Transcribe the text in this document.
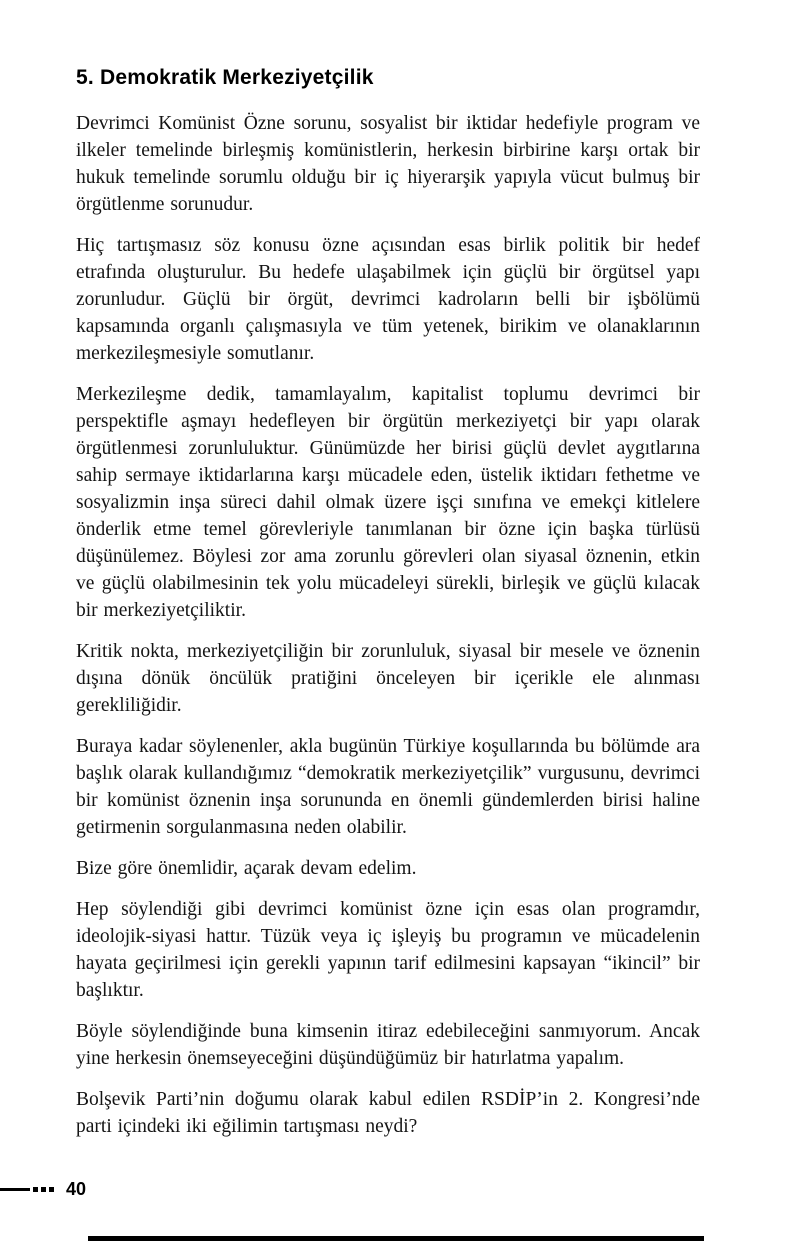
5. Demokratik Merkeziyetçilik

Devrimci Komünist Özne sorunu, sosyalist bir iktidar hedefiyle program ve ilkeler temelinde birleşmiş komünistlerin, herkesin birbirine karşı ortak bir hukuk temelinde sorumlu olduğu bir iç hiyerarşik yapıyla vücut bulmuş bir örgütlenme sorunudur.

Hiç tartışmasız söz konusu özne açısından esas birlik politik bir hedef etrafında oluşturulur. Bu hedefe ulaşabilmek için güçlü bir örgütsel yapı zorunludur. Güçlü bir örgüt, devrimci kadroların belli bir işbölümü kapsamında organlı çalışmasıyla ve tüm yetenek, birikim ve olanaklarının merkezileşmesiyle somutlanır.

Merkezileşme dedik, tamamlayalım, kapitalist toplumu devrimci bir perspektifle aşmayı hedefleyen bir örgütün merkeziyetçi bir yapı olarak örgütlenmesi zorunluluktur. Günümüzde her birisi güçlü devlet aygıtlarına sahip sermaye iktidarlarına karşı mücadele eden, üstelik iktidarı fethetme ve sosyalizmin inşa süreci dahil olmak üzere işçi sınıfına ve emekçi kitlelere önderlik etme temel görevleriyle tanımlanan bir özne için başka türlüsü düşünülemez. Böylesi zor ama zorunlu görevleri olan siyasal öznenin, etkin ve güçlü olabilmesinin tek yolu mücadeleyi sürekli, birleşik ve güçlü kılacak bir merkeziyetçiliktir.

Kritik nokta, merkeziyetçiliğin bir zorunluluk, siyasal bir mesele ve öznenin dışına dönük öncülük pratiğini önceleyen bir içerikle ele alınması gerekliliğidir.

Buraya kadar söylenenler, akla bugünün Türkiye koşullarında bu bölümde ara başlık olarak kullandığımız “demokratik merkeziyetçilik” vurgusunu, devrimci bir komünist öznenin inşa sorununda en önemli gündemlerden birisi haline getirmenin sorgulanmasına neden olabilir.

Bize göre önemlidir, açarak devam edelim.

Hep söylendiği gibi devrimci komünist özne için esas olan programdır, ideolojik-siyasi hattır. Tüzük veya iç işleyiş bu programın ve mücadelenin hayata geçirilmesi için gerekli yapının tarif edilmesini kapsayan “ikincil” bir başlıktır.

Böyle söylendiğinde buna kimsenin itiraz edebileceğini sanmıyorum. Ancak yine herkesin önemseyeceğini düşündüğümüz bir hatırlatma yapalım.

Bolşevik Parti’nin doğumu olarak kabul edilen RSDİP’in 2. Kongresi’nde parti içindeki iki eğilimin tartışması neydi?

40
